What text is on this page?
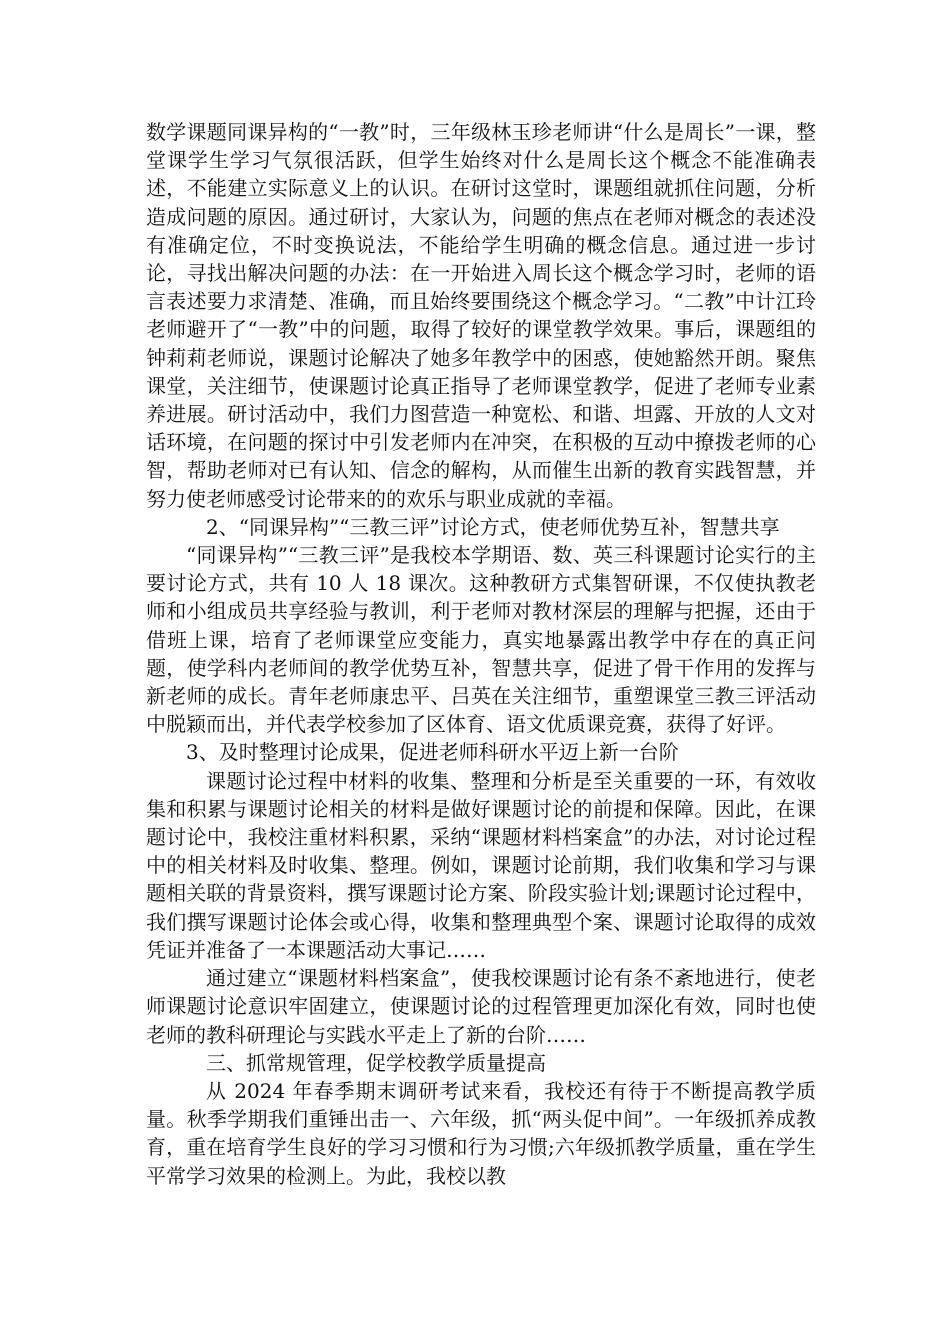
数学课题同课异构的“一教”时，三年级林玉珍老师讲“什么是周长”一课，整堂课学生学习气氛很活跃，但学生始终对什么是周长这个概念不能准确表述，不能建立实际意义上的认识。在研讨这堂时，课题组就抓住问题，分析造成问题的原因。通过研讨，大家认为，问题的焦点在老师对概念的表述没有准确定位，不时变换说法，不能给学生明确的概念信息。通过进一步讨论，寻找出解决问题的办法：在一开始进入周长这个概念学习时，老师的语言表述要力求清楚、准确，而且始终要围绕这个概念学习。“二教”中计江玲老师避开了“一教”中的问题，取得了较好的课堂教学效果。事后，课题组的钟莉莉老师说，课题讨论解决了她多年教学中的困惑，使她豁然开朗。聚焦课堂，关注细节，使课题讨论真正指导了老师课堂教学，促进了老师专业素养进展。研讨活动中，我们力图营造一种宽松、和谐、坦露、开放的人文对话环境，在问题的探讨中引发老师内在冲突，在积极的互动中撩拨老师的心智，帮助老师对已有认知、信念的解构，从而催生出新的教育实践智慧，并努力使老师感受讨论带来的的欢乐与职业成就的幸福。

2、“同课异构”“三教三评”讨论方式，使老师优势互补，智慧共享

“同课异构”“三教三评”是我校本学期语、数、英三科课题讨论实行的主要讨论方式，共有 10 人 18 课次。这种教研方式集智研课，不仅使执教老师和小组成员共享经验与教训，利于老师对教材深层的理解与把握，还由于借班上课，培育了老师课堂应变能力，真实地暴露出教学中存在的真正问题，使学科内老师间的教学优势互补，智慧共享，促进了骨干作用的发挥与新老师的成长。青年老师康忠平、吕英在关注细节，重塑课堂三教三评活动中脱颖而出，并代表学校参加了区体育、语文优质课竞赛，获得了好评。

3、及时整理讨论成果，促进老师科研水平迈上新一台阶

课题讨论过程中材料的收集、整理和分析是至关重要的一环，有效收集和积累与课题讨论相关的材料是做好课题讨论的前提和保障。因此，在课题讨论中，我校注重材料积累，采纳“课题材料档案盒”的办法，对讨论过程中的相关材料及时收集、整理。例如，课题讨论前期，我们收集和学习与课题相关联的背景资料，撰写课题讨论方案、阶段实验计划;课题讨论过程中，我们撰写课题讨论体会或心得，收集和整理典型个案、课题讨论取得的成效凭证并准备了一本课题活动大事记……

通过建立“课题材料档案盒”，使我校课题讨论有条不紊地进行，使老师课题讨论意识牢固建立，使课题讨论的过程管理更加深化有效，同时也使老师的教科研理论与实践水平走上了新的台阶……

三、抓常规管理，促学校教学质量提高

从 2024 年春季期末调研考试来看，我校还有待于不断提高教学质量。秋季学期我们重锤出击一、六年级，抓“两头促中间”。一年级抓养成教育，重在培育学生良好的学习习惯和行为习惯;六年级抓教学质量，重在学生平常学习效果的检测上。为此，我校以教
